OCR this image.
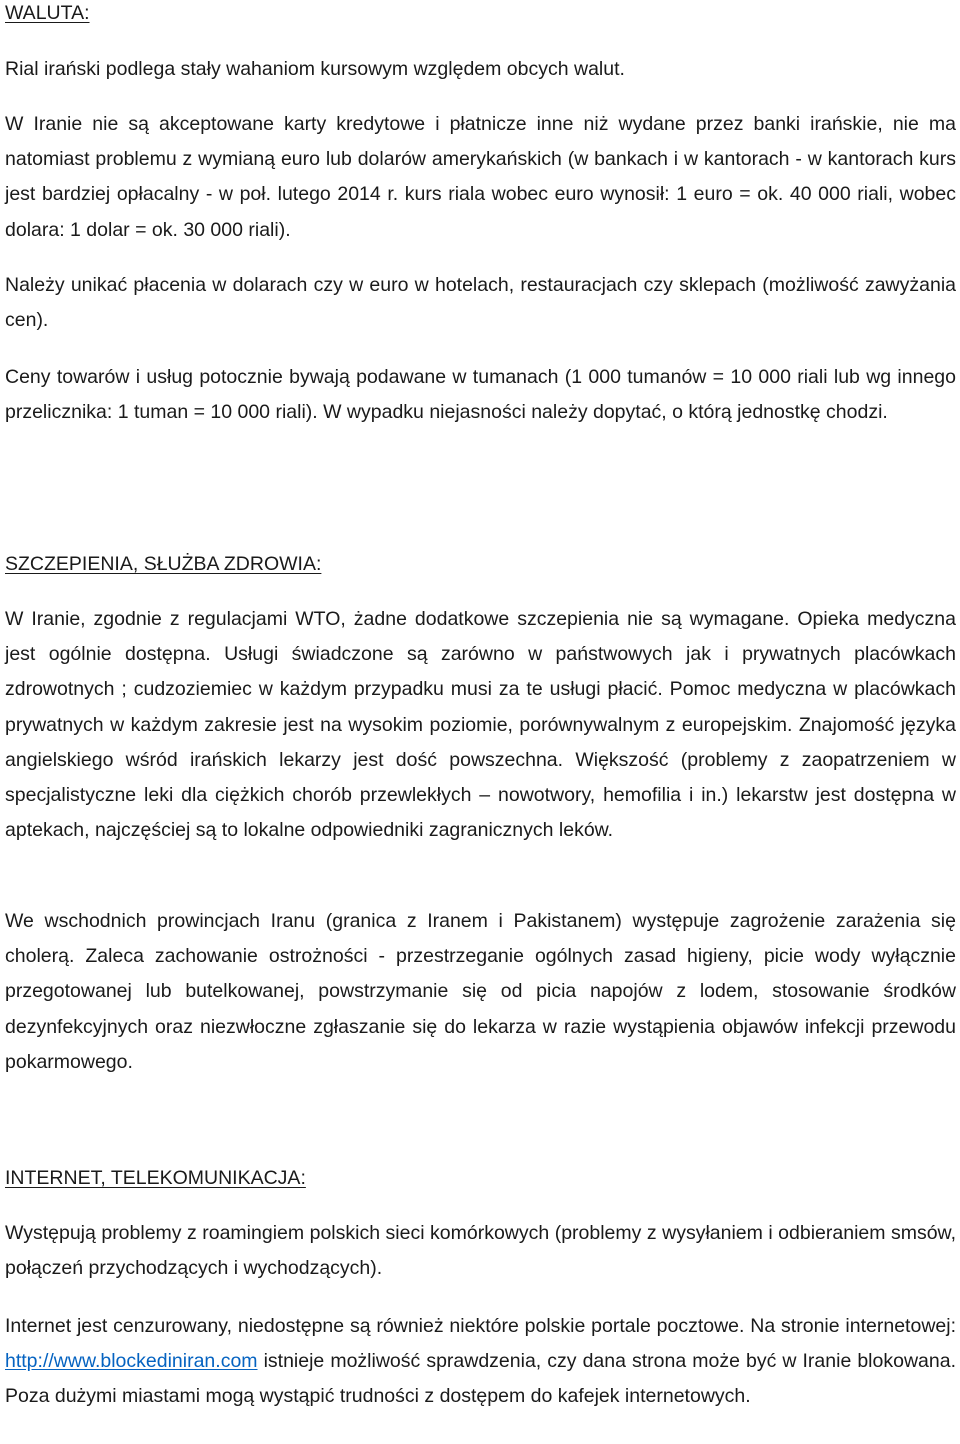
WALUTA:

Rial irański podlega stały wahaniom kursowym względem obcych walut.

W Iranie nie są akceptowane karty kredytowe i płatnicze inne niż wydane przez banki irańskie, nie ma natomiast problemu z wymianą euro lub dolarów amerykańskich (w bankach i w kantorach - w kantorach kurs jest bardziej opłacalny - w poł. lutego 2014 r. kurs riala wobec euro wynosił: 1 euro = ok. 40 000 riali, wobec dolara: 1 dolar = ok. 30 000 riali).

Należy unikać płacenia w dolarach czy w euro w hotelach, restauracjach czy sklepach (możliwość zawyżania cen).

Ceny towarów i usług potocznie bywają podawane w tumanach (1 000 tumanów = 10 000 riali lub wg innego przelicznika: 1 tuman = 10 000 riali). W wypadku niejasności należy dopytać, o którą jednostkę chodzi.

SZCZEPIENIA, SŁUŻBA ZDROWIA:

W Iranie, zgodnie z regulacjami WTO, żadne dodatkowe szczepienia nie są wymagane. Opieka medyczna jest ogólnie dostępna. Usługi świadczone są zarówno w państwowych jak i prywatnych placówkach zdrowotnych ; cudzoziemiec w każdym przypadku musi za te usługi płacić. Pomoc medyczna w placówkach prywatnych w każdym zakresie jest na wysokim poziomie, porównywalnym z europejskim. Znajomość języka angielskiego wśród irańskich lekarzy jest dość powszechna. Większość (problemy z zaopatrzeniem w specjalistyczne leki dla ciężkich chorób przewlekłych – nowotwory, hemofilia i in.) lekarstw jest dostępna w aptekach, najczęściej są to lokalne odpowiedniki zagranicznych leków.

We wschodnich prowincjach Iranu (granica z Iranem i Pakistanem) występuje zagrożenie zarażenia się cholerą. Zaleca zachowanie ostrożności - przestrzeganie ogólnych zasad higieny, picie wody wyłącznie przegotowanej lub butelkowanej, powstrzymanie się od picia napojów z lodem, stosowanie środków dezynfekcyjnych oraz niezwłoczne zgłaszanie się do lekarza w razie wystąpienia objawów infekcji przewodu pokarmowego.

INTERNET, TELEKOMUNIKACJA:

Występują problemy z roamingiem polskich sieci komórkowych (problemy z wysyłaniem i odbieraniem smsów, połączeń przychodzących i wychodzących).

Internet jest cenzurowany, niedostępne są również niektóre polskie portale pocztowe. Na stronie internetowej: http://www.blockediniran.com istnieje możliwość sprawdzenia, czy dana strona może być w Iranie blokowana. Poza dużymi miastami mogą wystąpić trudności z dostępem do kafejek internetowych.
